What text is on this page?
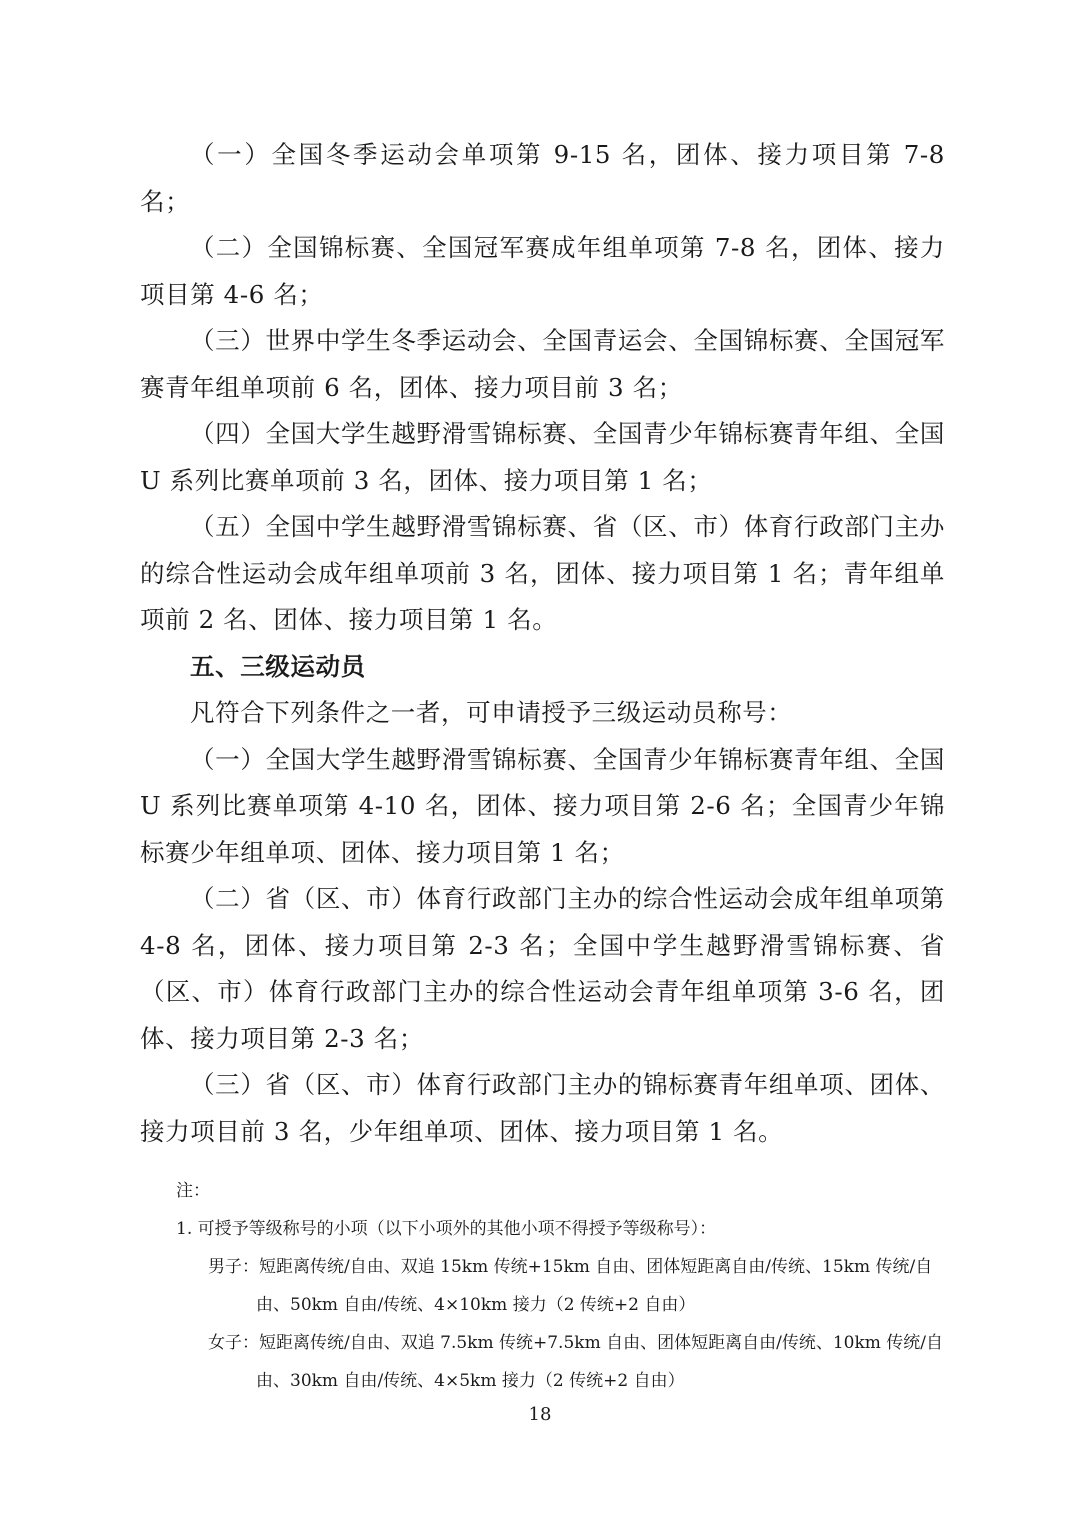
（一）全国冬季运动会单项第 9-15 名，团体、接力项目第 7-8 名；

（二）全国锦标赛、全国冠军赛成年组单项第 7-8 名，团体、接力项目第 4-6 名；

（三）世界中学生冬季运动会、全国青运会、全国锦标赛、全国冠军赛青年组单项前 6 名，团体、接力项目前 3 名；

（四）全国大学生越野滑雪锦标赛、全国青少年锦标赛青年组、全国 U 系列比赛单项前 3 名，团体、接力项目第 1 名；

（五）全国中学生越野滑雪锦标赛、省（区、市）体育行政部门主办的综合性运动会成年组单项前 3 名，团体、接力项目第 1 名；青年组单项前 2 名、团体、接力项目第 1 名。

五、三级运动员

凡符合下列条件之一者，可申请授予三级运动员称号：

（一）全国大学生越野滑雪锦标赛、全国青少年锦标赛青年组、全国 U 系列比赛单项第 4-10 名，团体、接力项目第 2-6 名；全国青少年锦标赛少年组单项、团体、接力项目第 1 名；

（二）省（区、市）体育行政部门主办的综合性运动会成年组单项第 4-8 名，团体、接力项目第 2-3 名；全国中学生越野滑雪锦标赛、省（区、市）体育行政部门主办的综合性运动会青年组单项第 3-6 名，团体、接力项目第 2-3 名；

（三）省（区、市）体育行政部门主办的锦标赛青年组单项、团体、接力项目前 3 名，少年组单项、团体、接力项目第 1 名。

注：

1. 可授予等级称号的小项（以下小项外的其他小项不得授予等级称号）：

男子：短距离传统/自由、双追 15km 传统+15km 自由、团体短距离自由/传统、15km 传统/自由、50km 自由/传统、4×10km 接力（2 传统+2 自由）

女子：短距离传统/自由、双追 7.5km 传统+7.5km 自由、团体短距离自由/传统、10km 传统/自由、30km 自由/传统、4×5km 接力（2 传统+2 自由）

18
